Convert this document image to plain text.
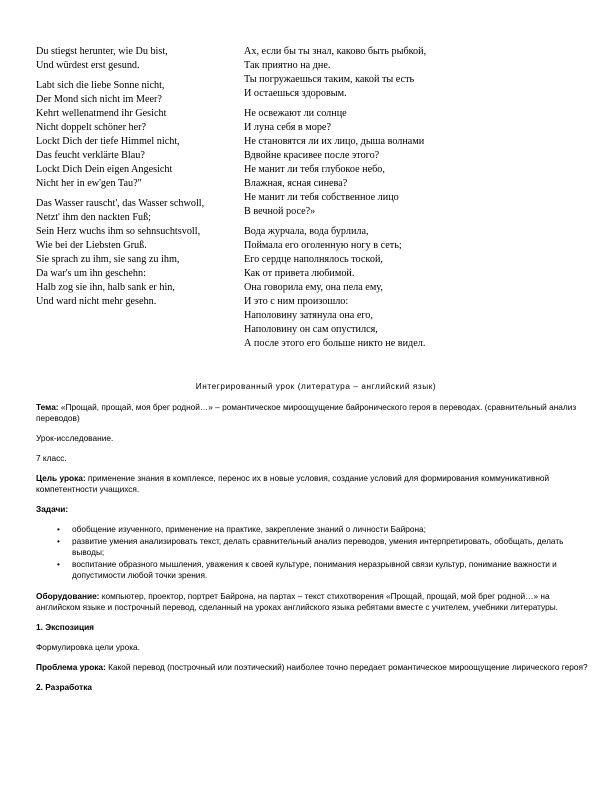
Du stiegst herunter, wie Du bist,
Und würdest erst gesund.
Labt sich die liebe Sonne nicht,
Der Mond sich nicht im Meer?
Kehrt wellenatmend ihr Gesicht
Nicht doppelt schöner her?
Lockt Dich der tiefe Himmel nicht,
Das feucht verklärte Blau?
Lockt Dich Dein eigen Angesicht
Nicht her in ew'gen Tau?"
Das Wasser rauscht', das Wasser schwoll,
Netzt' ihm den nackten Fuß;
Sein Herz wuchs ihm so sehnsuchtsvoll,
Wie bei der Liebsten Gruß.
Sie sprach zu ihm, sie sang zu ihm,
Da war's um ihn geschehn:
Halb zog sie ihn, halb sank er hin,
Und ward nicht mehr gesehn.
Ах, если бы ты знал, каково быть рыбкой,
Так приятно на дне.
Ты погружаешься таким, какой ты есть
И остаешься здоровым.
Не освежают ли солнце
И луна себя в море?
Не становятся ли их лицо, дыша волнами
Вдвойне красивее после этого?
Не манит ли тебя глубокое небо,
Влажная, ясная синева?
Не манит ли тебя собственное лицо
В вечной росе?»
Вода журчала, вода бурлила,
Поймала его оголенную ногу в сеть;
Его сердце наполнялось тоской,
Как от привета любимой.
Она говорила ему, она пела ему,
И это с ним произошло:
Наполовину затянула она его,
Наполовину он сам опустился,
А после этого его больше никто не видел.
Интегрированный урок (литература – английский язык)

Тема: «Прощай, прощай, моя брег родной…» – романтическое мироощущение байронического героя в переводах. (сравнительный анализ переводов)

Урок-исследование.

7 класс.

Цель урока: применение знания в комплексе, перенос их в новые условия, создание условий для формирования коммуникативной компетентности учащихся.

Задачи:

• обобщение изученного, применение на практике, закрепление знаний о личности Байрона;
• развитие умения анализировать текст, делать сравнительный анализ переводов, умения интерпретировать, обобщать, делать выводы;
• воспитание образного мышления, уважения к своей культуре, понимания неразрывной связи культур, понимание важности и допустимости любой точки зрения.

Оборудование: компьютер, проектор, портрет Байрона, на партах – текст стихотворения «Прощай, прощай, мой брег родной…» на английском языке и построчный перевод, сделанный на уроках английского языка ребятами вместе с учителем, учебники литературы.

1. Экспозиция

Формулировка цели урока.

Проблема урока: Какой перевод (построчный или поэтический) наиболее точно передает романтическое мироощущение лирического героя?

2. Разработка
